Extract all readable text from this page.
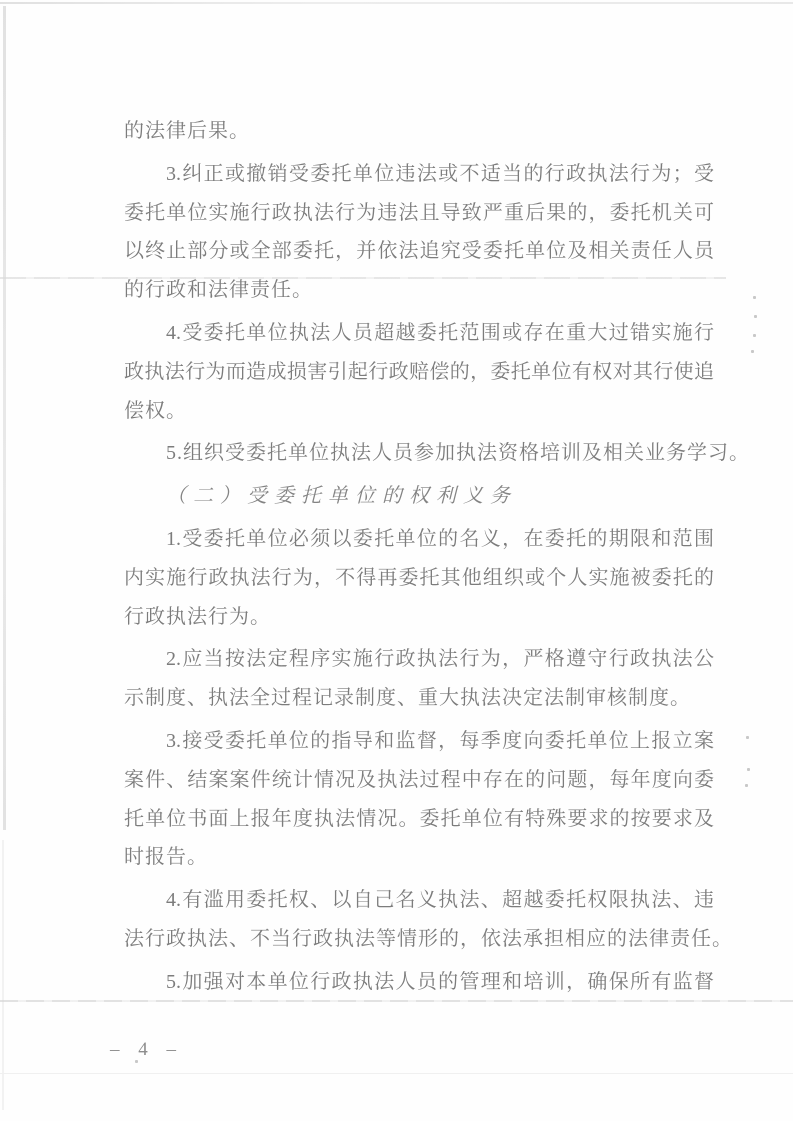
的法律后果。
3.纠正或撤销受委托单位违法或不适当的行政执法行为；受
委托单位实施行政执法行为违法且导致严重后果的，委托机关可
以终止部分或全部委托，并依法追究受委托单位及相关责任人员
的行政和法律责任。
4.受委托单位执法人员超越委托范围或存在重大过错实施行
政执法行为而造成损害引起行政赔偿的，委托单位有权对其行使追
偿权。
5.组织受委托单位执法人员参加执法资格培训及相关业务学习。
（二）受委托单位的权利义务
1.受委托单位必须以委托单位的名义，在委托的期限和范围
内实施行政执法行为，不得再委托其他组织或个人实施被委托的
行政执法行为。
2.应当按法定程序实施行政执法行为，严格遵守行政执法公
示制度、执法全过程记录制度、重大执法决定法制审核制度。
3.接受委托单位的指导和监督，每季度向委托单位上报立案
案件、结案案件统计情况及执法过程中存在的问题，每年度向委
托单位书面上报年度执法情况。委托单位有特殊要求的按要求及
时报告。
4.有滥用委托权、以自己名义执法、超越委托权限执法、违
法行政执法、不当行政执法等情形的，依法承担相应的法律责任。
5.加强对本单位行政执法人员的管理和培训，确保所有监督
– 4 –
